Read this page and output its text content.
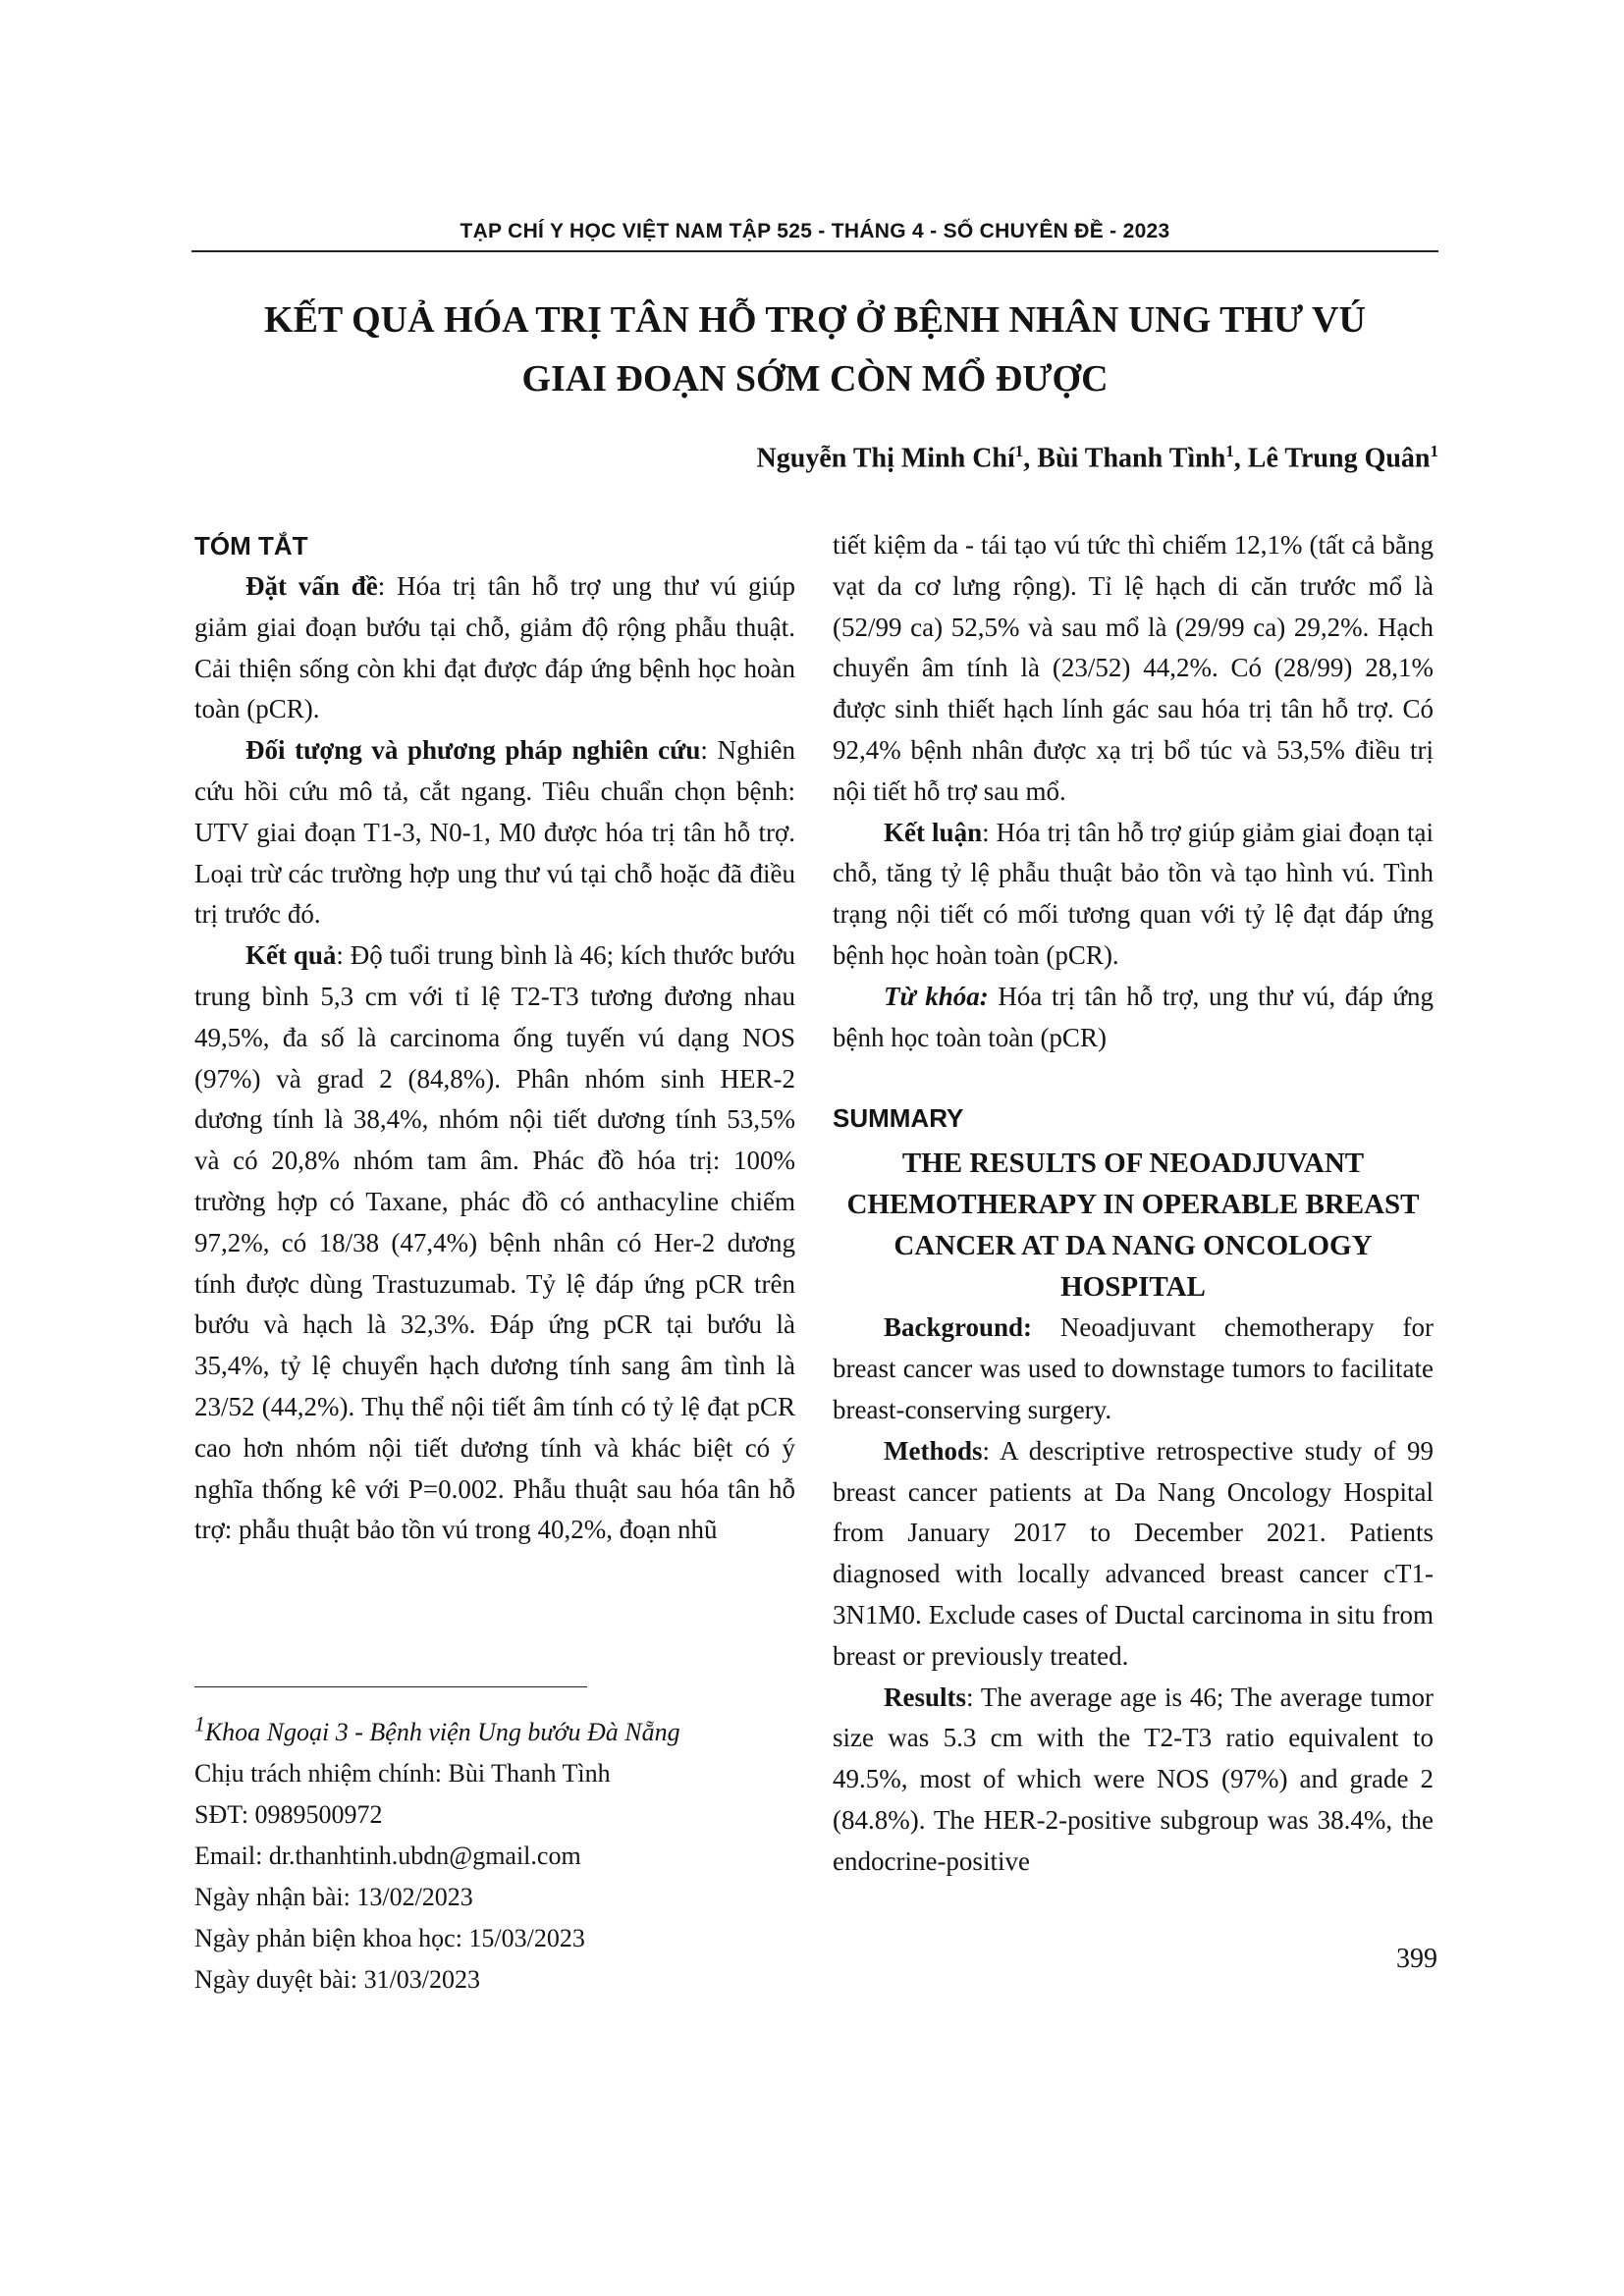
TẠP CHÍ Y HỌC VIỆT NAM TẬP 525 - THÁNG 4 - SỐ CHUYÊN ĐỀ - 2023
KẾT QUẢ HÓA TRỊ TÂN HỖ TRỢ Ở BỆNH NHÂN UNG THƯ VÚ
GIAI ĐOẠN SỚM CÒN MỔ ĐƯỢC
Nguyễn Thị Minh Chí$^1$, Bùi Thanh Tình$^1$, Lê Trung Quân$^1$
TÓM TẮT

Đặt vấn đề: Hóa trị tân hỗ trợ ung thư vú giúp giảm giai đoạn bướu tại chỗ, giảm độ rộng phẫu thuật. Cải thiện sống còn khi đạt được đáp ứng bệnh học hoàn toàn (pCR).

Đối tượng và phương pháp nghiên cứu: Nghiên cứu hồi cứu mô tả, cắt ngang. Tiêu chuẩn chọn bệnh: UTV giai đoạn T1-3, N0-1, M0 được hóa trị tân hỗ trợ. Loại trừ các trường hợp ung thư vú tại chỗ hoặc đã điều trị trước đó.

Kết quả: Độ tuổi trung bình là 46; kích thước bướu trung bình 5,3 cm với tỉ lệ T2-T3 tương đương nhau 49,5%, đa số là carcinoma ống tuyến vú dạng NOS (97%) và grad 2 (84,8%). Phân nhóm sinh HER-2 dương tính là 38,4%, nhóm nội tiết dương tính 53,5% và có 20,8% nhóm tam âm. Phác đồ hóa trị: 100% trường hợp có Taxane, phác đồ có anthacyline chiếm 97,2%, có 18/38 (47,4%) bệnh nhân có Her-2 dương tính được dùng Trastuzumab. Tỷ lệ đáp ứng pCR trên bướu và hạch là 32,3%. Đáp ứng pCR tại bướu là 35,4%, tỷ lệ chuyển hạch dương tính sang âm tình là 23/52 (44,2%). Thụ thể nội tiết âm tính có tỷ lệ đạt pCR cao hơn nhóm nội tiết dương tính và khác biệt có ý nghĩa thống kê với P=0.002. Phẫu thuật sau hóa tân hỗ trợ: phẫu thuật bảo tồn vú trong 40,2%, đoạn nhũ

$^1$Khoa Ngoại 3 - Bệnh viện Ung bướu Đà Nẵng

Chịu trách nhiệm chính: Bùi Thanh Tình

SĐT: 0989500972

Email: dr.thanhtinh.ubdn@gmail.com

Ngày nhận bài: 13/02/2023

Ngày phản biện khoa học: 15/03/2023

Ngày duyệt bài: 31/03/2023

tiết kiệm da - tái tạo vú tức thì chiếm 12,1% (tất cả bằng vạt da cơ lưng rộng). Tỉ lệ hạch di căn trước mổ là (52/99 ca) 52,5% và sau mổ là (29/99 ca) 29,2%. Hạch chuyển âm tính là (23/52) 44,2%. Có (28/99) 28,1% được sinh thiết hạch lính gác sau hóa trị tân hỗ trợ. Có 92,4% bệnh nhân được xạ trị bổ túc và 53,5% điều trị nội tiết hỗ trợ sau mổ.

Kết luận: Hóa trị tân hỗ trợ giúp giảm giai đoạn tại chỗ, tăng tỷ lệ phẫu thuật bảo tồn và tạo hình vú. Tình trạng nội tiết có mối tương quan với tỷ lệ đạt đáp ứng bệnh học hoàn toàn (pCR).

Từ khóa: Hóa trị tân hỗ trợ, ung thư vú, đáp ứng bệnh học toàn toàn (pCR)

SUMMARY
THE RESULTS OF NEOADJUVANT CHEMOTHERAPY IN OPERABLE BREAST CANCER AT DA NANG ONCOLOGY HOSPITAL

Background: Neoadjuvant chemotherapy for breast cancer was used to downstage tumors to facilitate breast-conserving surgery.

Methods: A descriptive retrospective study of 99 breast cancer patients at Da Nang Oncology Hospital from January 2017 to December 2021. Patients diagnosed with locally advanced breast cancer cT1-3N1M0. Exclude cases of Ductal carcinoma in situ from breast or previously treated.

Results: The average age is 46; The average tumor size was 5.3 cm with the T2-T3 ratio equivalent to 49.5%, most of which were NOS (97%) and grade 2 (84.8%). The HER-2-positive subgroup was 38.4%, the endocrine-positive

399
